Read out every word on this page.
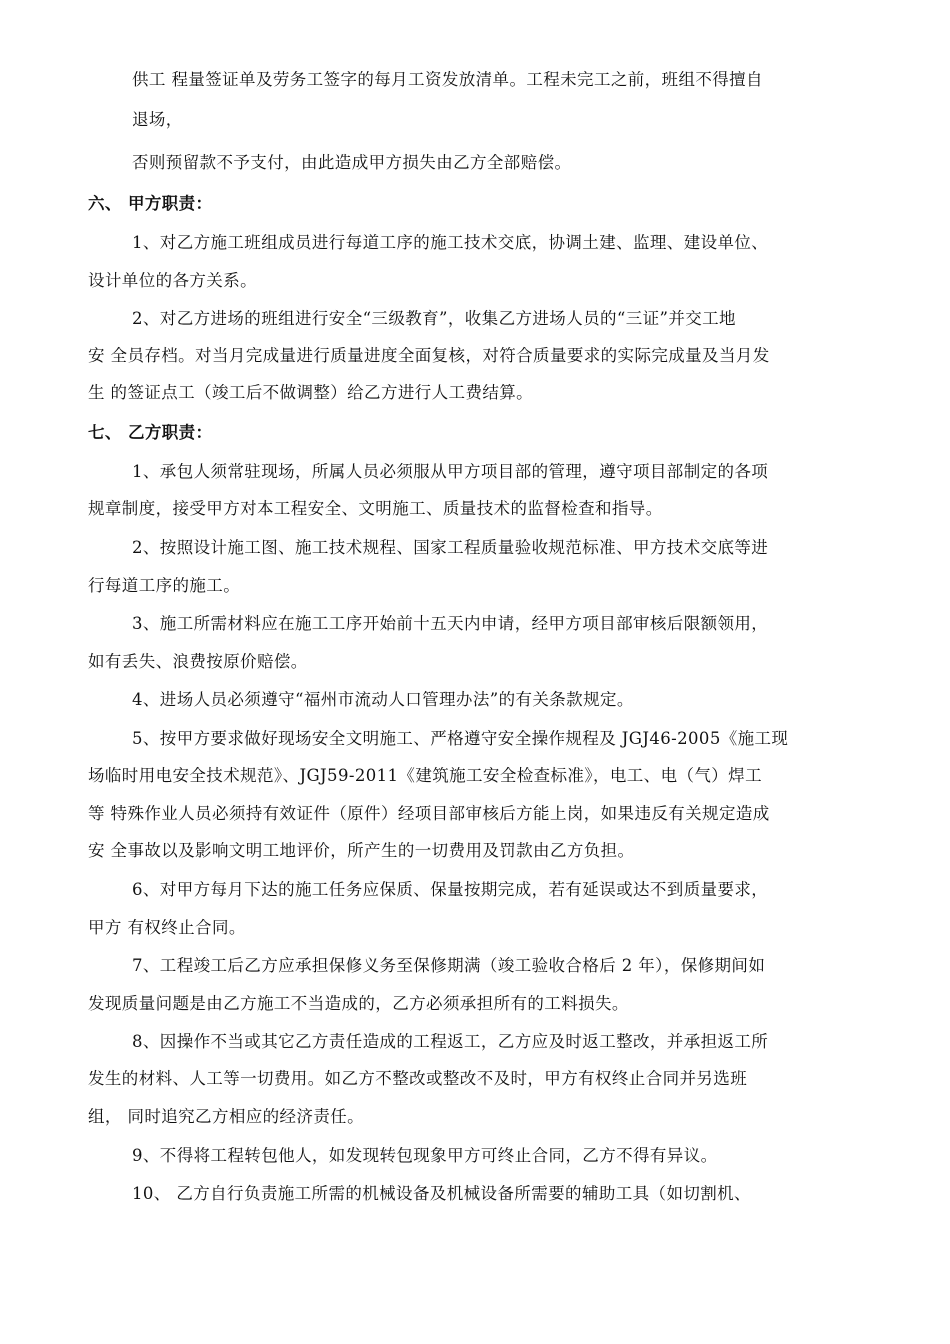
供工 程量签证单及劳务工签字的每月工资发放清单。工程未完工之前，班组不得擅自
退场，
否则预留款不予支付，由此造成甲方损失由乙方全部赔偿。
六、 甲方职责：
1、对乙方施工班组成员进行每道工序的施工技术交底，协调土建、监理、建设单位、
设计单位的各方关系。
2、对乙方进场的班组进行安全“三级教育”，收集乙方进场人员的“三证”并交工地
安 全员存档。对当月完成量进行质量进度全面复核，对符合质量要求的实际完成量及当月发
生 的签证点工（竣工后不做调整）给乙方进行人工费结算。
七、 乙方职责：
1、承包人须常驻现场，所属人员必须服从甲方项目部的管理，遵守项目部制定的各项
规章制度，接受甲方对本工程安全、文明施工、质量技术的监督检查和指导。
2、按照设计施工图、施工技术规程、国家工程质量验收规范标准、甲方技术交底等进
行每道工序的施工。
3、施工所需材料应在施工工序开始前十五天内申请，经甲方项目部审核后限额领用，
如有丢失、浪费按原价赔偿。
4、进场人员必须遵守“福州市流动人口管理办法”的有关条款规定。
5、按甲方要求做好现场安全文明施工、严格遵守安全操作规程及 JGJ46-2005《施工现
场临时用电安全技术规范》、JGJ59-2011《建筑施工安全检查标准》，电工、电（气）焊工
等 特殊作业人员必须持有效证件（原件）经项目部审核后方能上岗，如果违反有关规定造成
安 全事故以及影响文明工地评价，所产生的一切费用及罚款由乙方负担。
6、对甲方每月下达的施工任务应保质、保量按期完成，若有延误或达不到质量要求，
甲方 有权终止合同。
7、工程竣工后乙方应承担保修义务至保修期满（竣工验收合格后 2 年），保修期间如
发现质量问题是由乙方施工不当造成的，乙方必须承担所有的工料损失。
8、因操作不当或其它乙方责任造成的工程返工，乙方应及时返工整改，并承担返工所
发生的材料、人工等一切费用。如乙方不整改或整改不及时，甲方有权终止合同并另选班
组， 同时追究乙方相应的经济责任。
9、不得将工程转包他人，如发现转包现象甲方可终止合同，乙方不得有异议。
10、 乙方自行负责施工所需的机械设备及机械设备所需要的辅助工具（如切割机、
